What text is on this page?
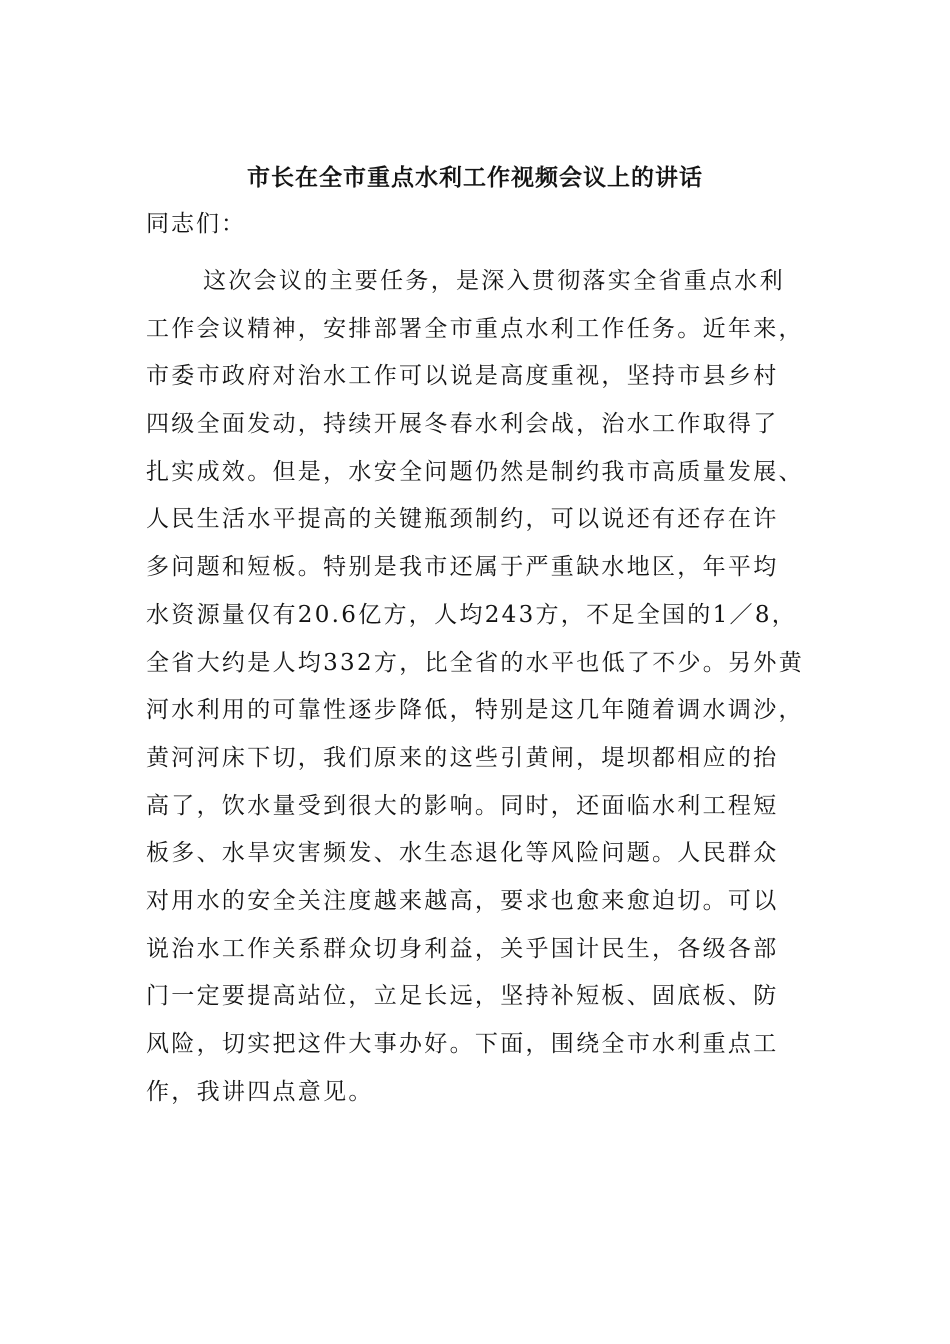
市长在全市重点水利工作视频会议上的讲话

同志们：

这次会议的主要任务，是深入贯彻落实全省重点水利
工作会议精神，安排部署全市重点水利工作任务。近年来，
市委市政府对治水工作可以说是高度重视，坚持市县乡村
四级全面发动，持续开展冬春水利会战，治水工作取得了
扎实成效。但是，水安全问题仍然是制约我市高质量发展、
人民生活水平提高的关键瓶颈制约，可以说还有还存在许
多问题和短板。特别是我市还属于严重缺水地区，年平均
水资源量仅有20.6亿方，人均243方，不足全国的1／8，
全省大约是人均332方，比全省的水平也低了不少。另外黄
河水利用的可靠性逐步降低，特别是这几年随着调水调沙，
黄河河床下切，我们原来的这些引黄闸，堤坝都相应的抬
高了，饮水量受到很大的影响。同时，还面临水利工程短
板多、水旱灾害频发、水生态退化等风险问题。人民群众
对用水的安全关注度越来越高，要求也愈来愈迫切。可以
说治水工作关系群众切身利益，关乎国计民生，各级各部
门一定要提高站位，立足长远，坚持补短板、固底板、防
风险，切实把这件大事办好。下面，围绕全市水利重点工
作，我讲四点意见。
